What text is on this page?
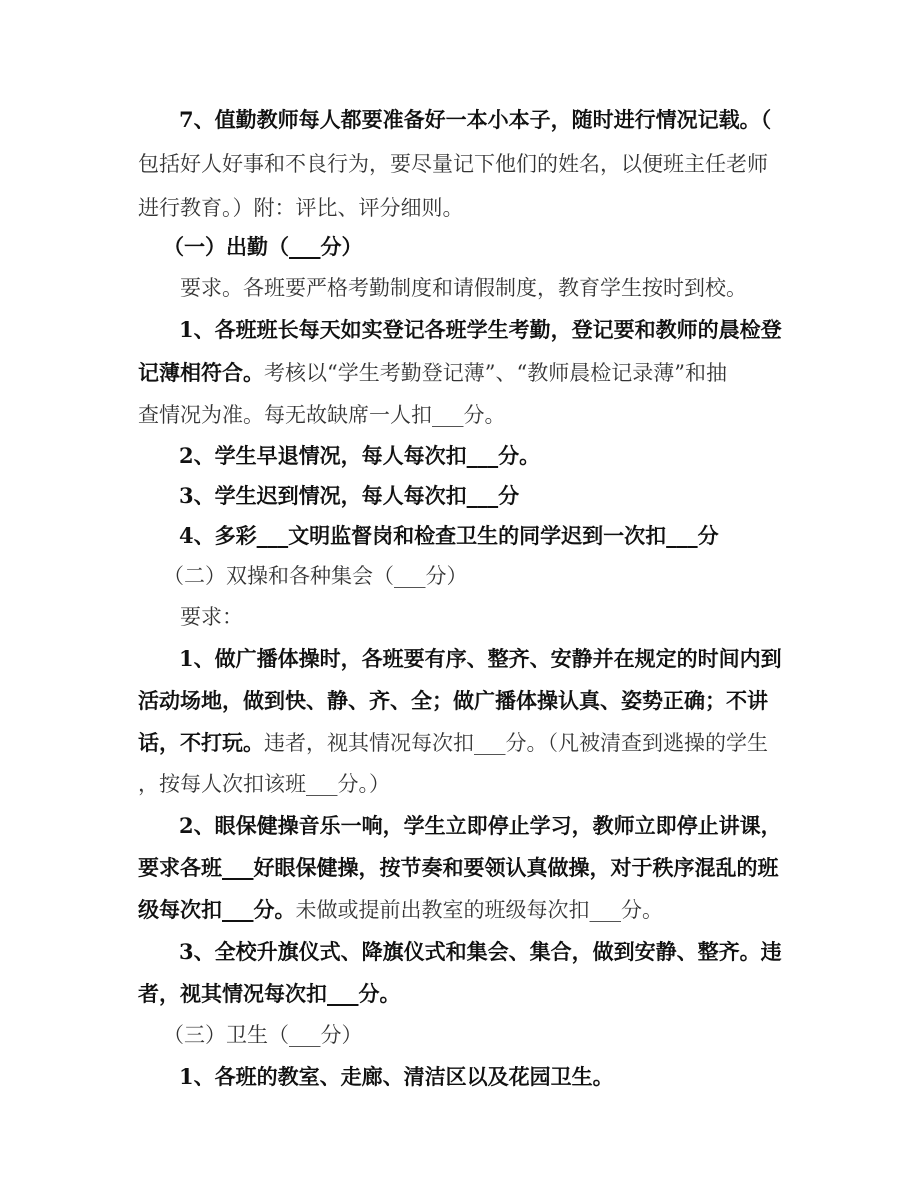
7、值勤教师每人都要准备好一本小本子，随时进行情况记载。（
包括好人好事和不良行为，要尽量记下他们的姓名，以便班主任老师
进行教育。）附：评比、评分细则。
（一）出勤（___分）
要求。各班要严格考勤制度和请假制度，教育学生按时到校。
1、各班班长每天如实登记各班学生考勤，登记要和教师的晨检登
记薄相符合。考核以“学生考勤登记薄”、“教师晨检记录薄”和抽
查情况为准。每无故缺席一人扣___分。
2、学生早退情况，每人每次扣___分。
3、学生迟到情况，每人每次扣___分
4、多彩___文明监督岗和检查卫生的同学迟到一次扣___分
（二）双操和各种集会（___分）
要求：
1、做广播体操时，各班要有序、整齐、安静并在规定的时间内到
活动场地，做到快、静、齐、全；做广播体操认真、姿势正确；不讲
话，不打玩。违者，视其情况每次扣___分。（凡被清查到逃操的学生
，按每人次扣该班___分。）
2、眼保健操音乐一响，学生立即停止学习，教师立即停止讲课，
要求各班___好眼保健操，按节奏和要领认真做操，对于秩序混乱的班
级每次扣___分。未做或提前出教室的班级每次扣___分。
3、全校升旗仪式、降旗仪式和集会、集合，做到安静、整齐。违
者，视其情况每次扣___分。
（三）卫生（___分）
1、各班的教室、走廊、清洁区以及花园卫生。
